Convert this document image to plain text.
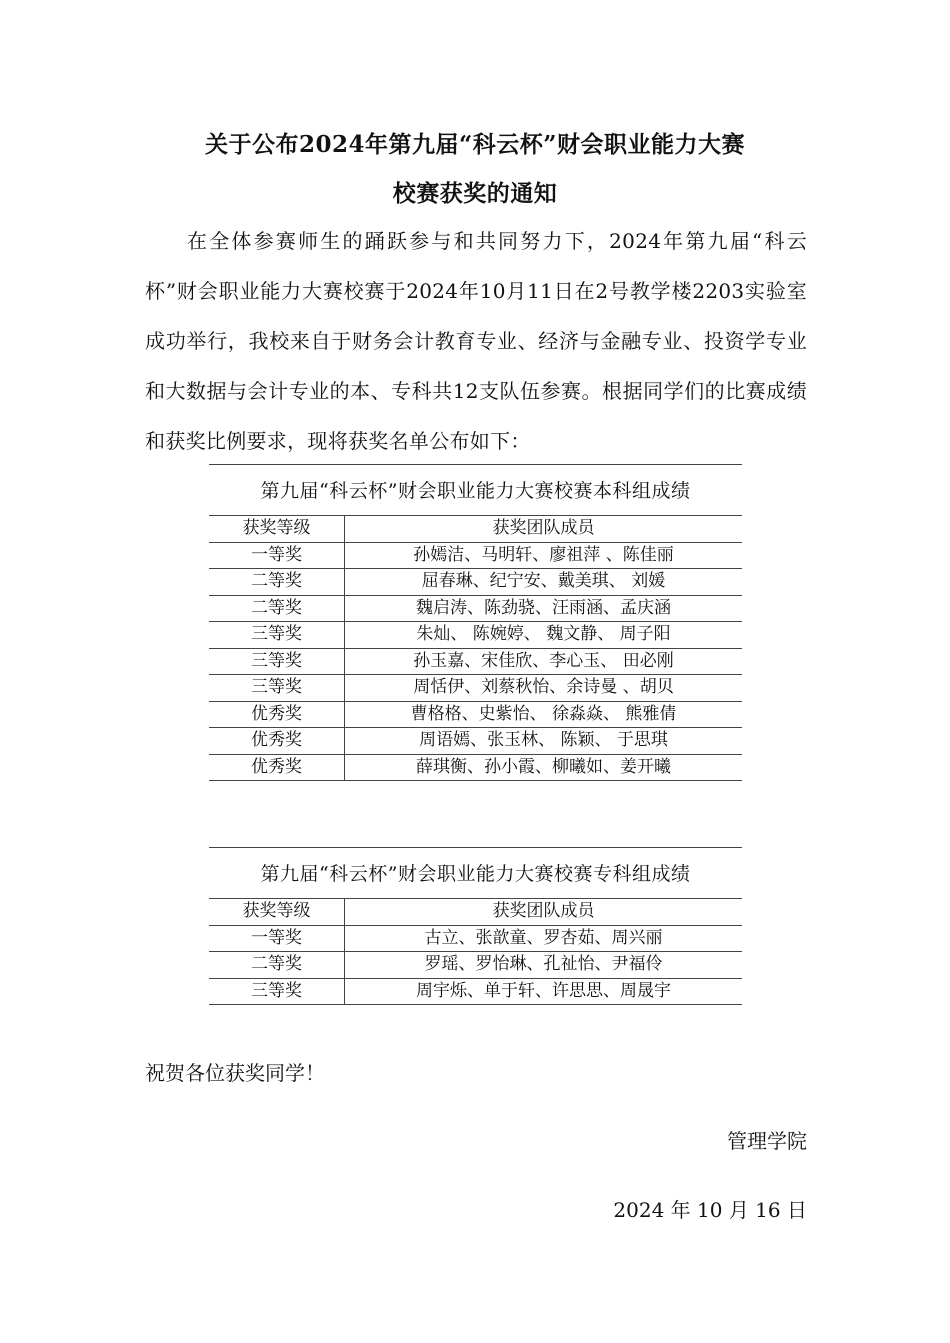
关于公布2024年第九届“科云杯”财会职业能力大赛
校赛获奖的通知
在全体参赛师生的踊跃参与和共同努力下，2024年第九届“科云杯”财会职业能力大赛校赛于2024年10月11日在2号教学楼2203实验室成功举行，我校来自于财务会计教育专业、经济与金融专业、投资学专业和大数据与会计专业的本、专科共12支队伍参赛。根据同学们的比赛成绩和获奖比例要求，现将获奖名单公布如下：
第九届“科云杯”财会职业能力大赛校赛本科组成绩
获奖等级	获奖团队成员
一等奖	孙嫣洁、马明轩、廖祖萍 、陈佳丽
二等奖	屈春琳、纪宁安、戴美琪、 刘媛
二等奖	魏启涛、陈劲骁、汪雨涵、孟庆涵
三等奖	朱灿、 陈婉婷、 魏文静、 周子阳
三等奖	孙玉嘉、宋佳欣、李心玉、 田必刚
三等奖	周恬伊、刘蔡秋怡、余诗曼 、胡贝
优秀奖	曹格格、史紫怡、 徐淼焱、 熊雅倩
优秀奖	周语嫣、张玉林、 陈颖、 于思琪
优秀奖	薛琪衡、孙小霞、柳曦如、姜开曦
第九届“科云杯”财会职业能力大赛校赛专科组成绩
获奖等级	获奖团队成员
一等奖	古立、张歆童、罗杏茹、周兴丽
二等奖	罗瑶、罗怡琳、孔祉怡、尹福伶
三等奖	周宇烁、单于轩、许思思、周晟宇
祝贺各位获奖同学！
管理学院
2024 年 10 月 16 日
